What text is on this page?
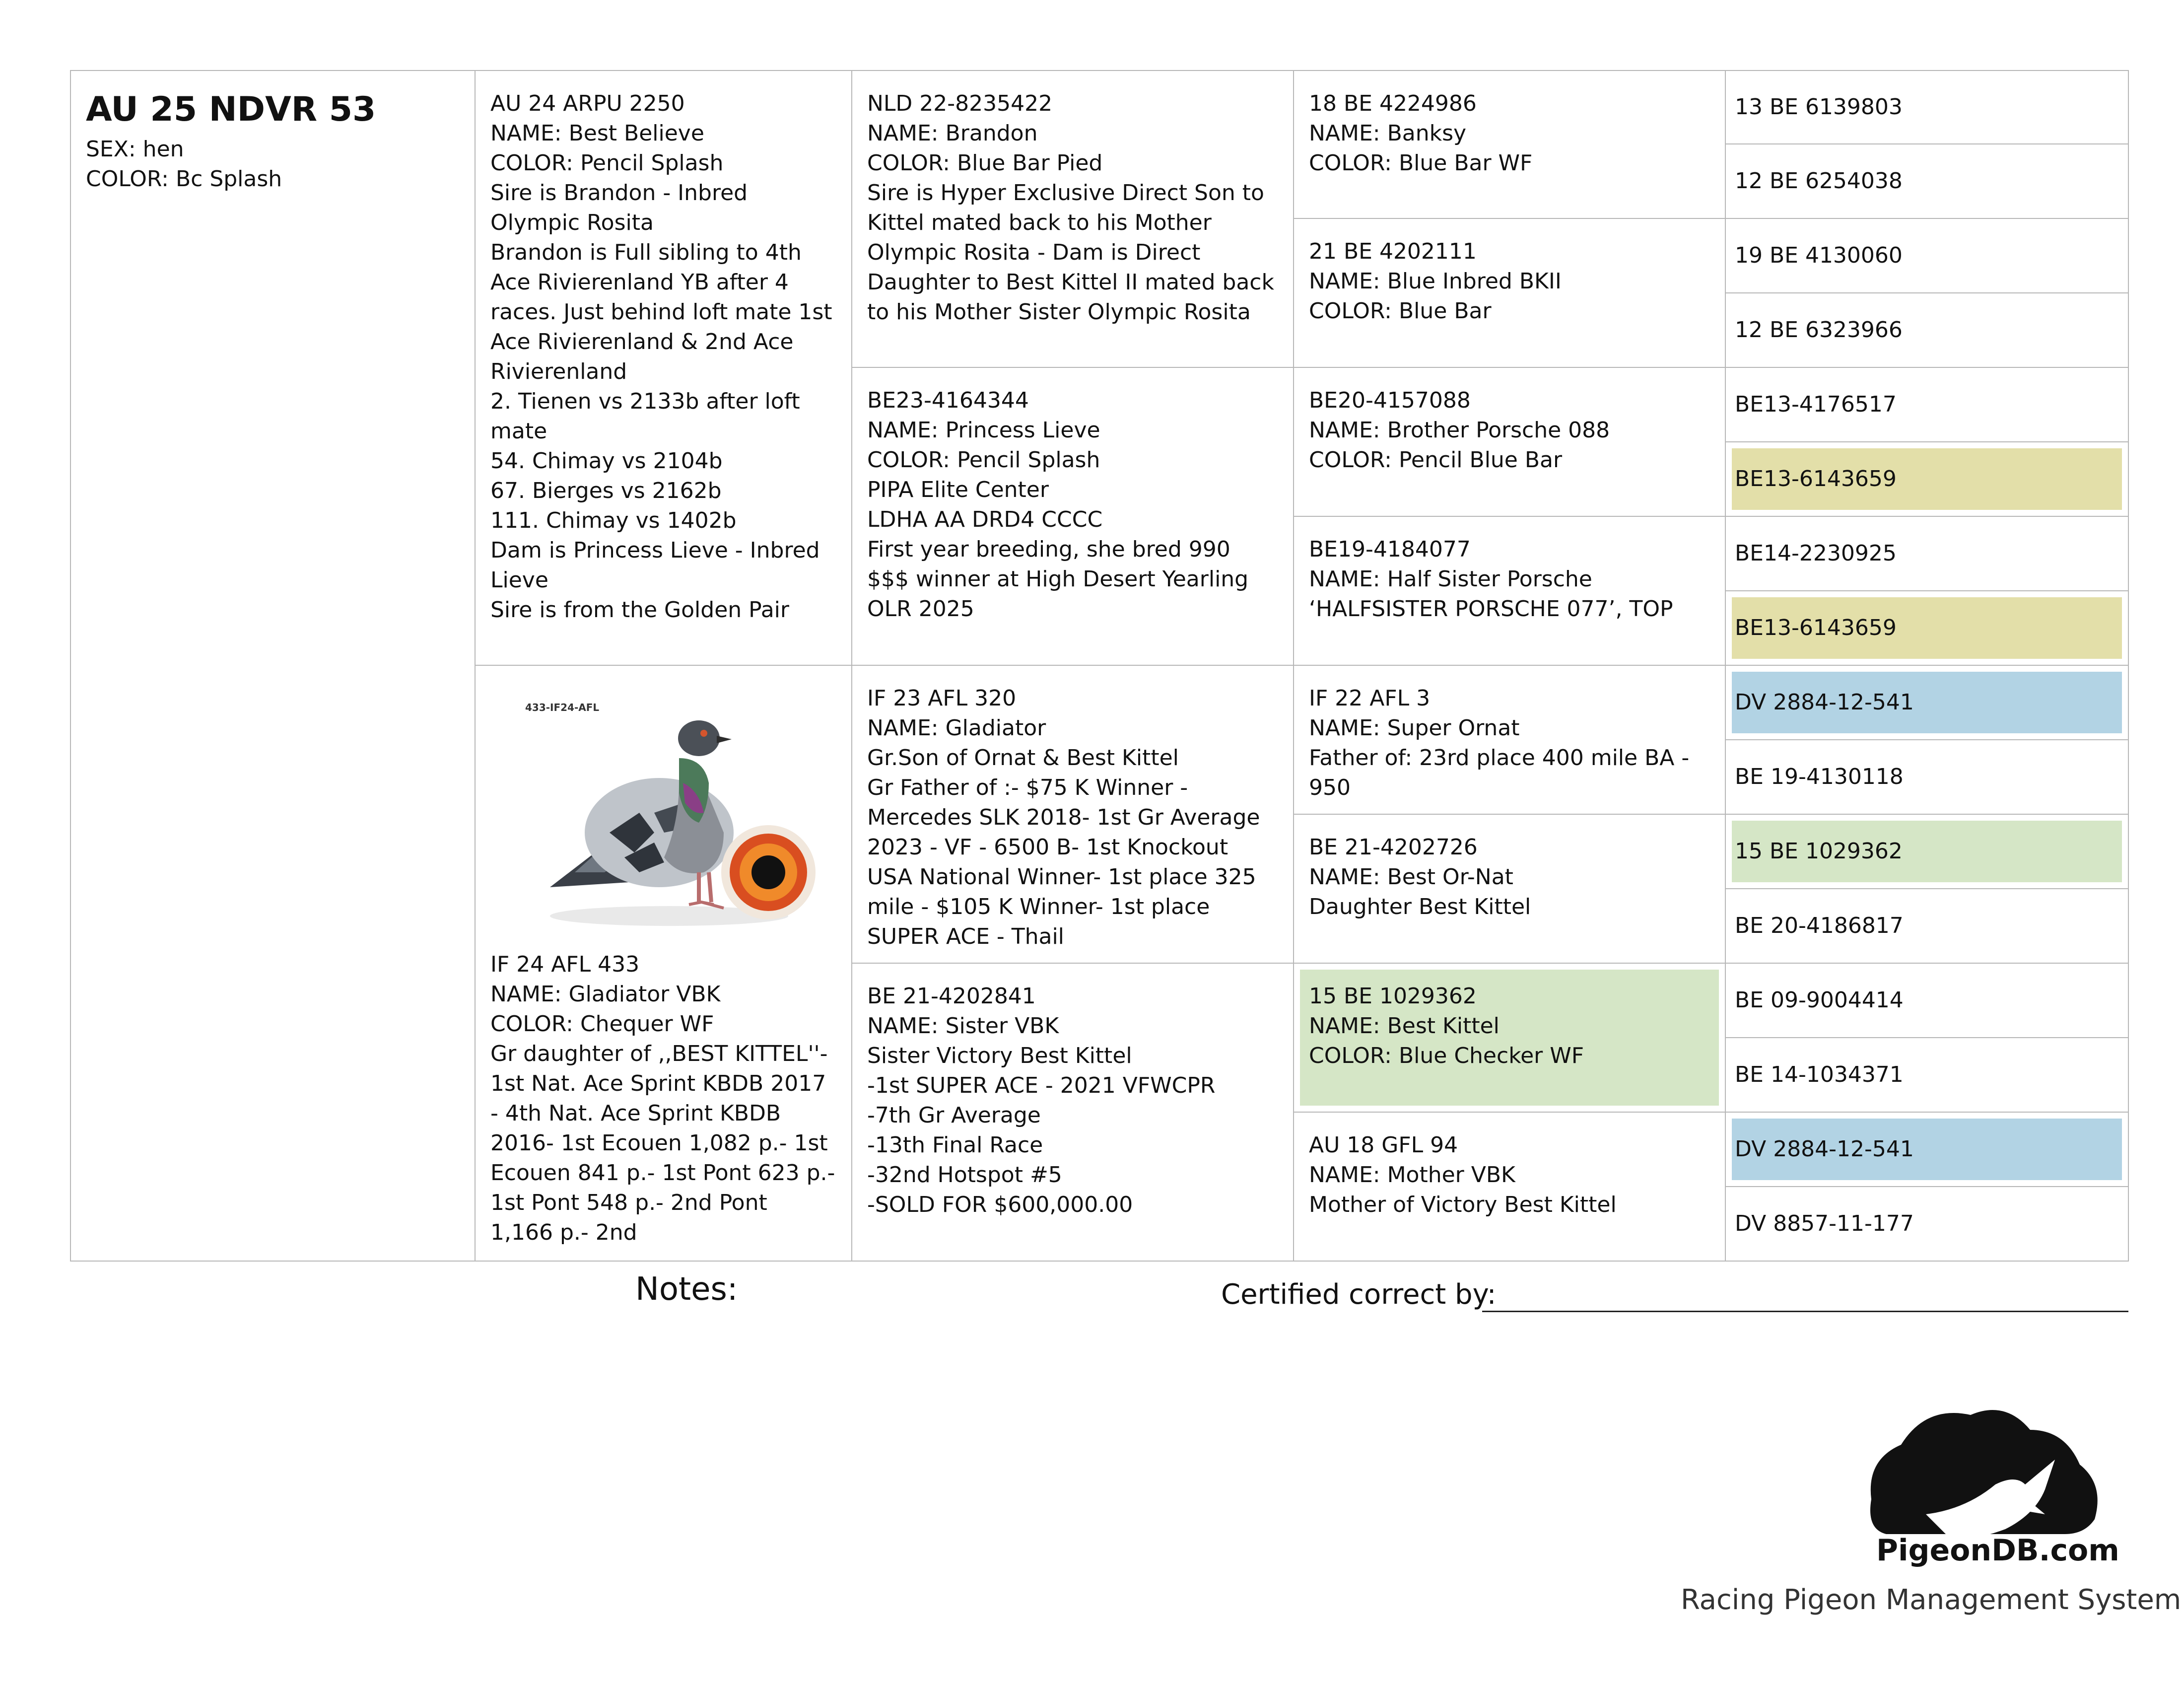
AU 25 NDVR 53
SEX: hen
COLOR: Bc Splash
AU 24 ARPU 2250
NAME: Best Believe
COLOR: Pencil Splash
Sire is Brandon - Inbred Olympic Rosita
Brandon is Full sibling to 4th Ace Rivierenland YB after 4 races. Just behind loft mate 1st Ace Rivierenland & 2nd Ace Rivierenland
2. Tienen vs 2133b after loft mate
54. Chimay vs 2104b
67. Bierges vs 2162b
111. Chimay vs 1402b
Dam is Princess Lieve - Inbred Lieve
Sire is from the Golden Pair
433-IF24-AFL
IF 24 AFL 433
NAME: Gladiator VBK
COLOR: Chequer WF
Gr daughter of ,,BEST KITTEL''- 1st Nat. Ace Sprint KBDB 2017 - 4th Nat. Ace Sprint KBDB 2016- 1st Ecouen 1,082 p.- 1st Ecouen 841 p.- 1st Pont 623 p.- 1st Pont 548 p.- 2nd Pont 1,166 p.- 2nd
NLD 22-8235422
NAME: Brandon
COLOR: Blue Bar Pied
Sire is Hyper Exclusive Direct Son to Kittel mated back to his Mother Olympic Rosita - Dam is Direct Daughter to Best Kittel II mated back to his Mother Sister Olympic Rosita
BE23-4164344
NAME: Princess Lieve
COLOR: Pencil Splash
PIPA Elite Center
LDHA AA DRD4 CCCC
First year breeding, she bred 990 $$$ winner at High Desert Yearling OLR 2025
IF 23 AFL 320
NAME: Gladiator
Gr.Son of Ornat & Best Kittel
Gr Father of :- $75 K Winner - Mercedes SLK 2018- 1st Gr Average 2023 - VF - 6500 B- 1st Knockout USA National Winner- 1st place 325 mile - $105 K Winner- 1st place SUPER ACE - Thail
BE 21-4202841
NAME: Sister VBK
Sister Victory Best Kittel
-1st SUPER ACE - 2021 VFWCPR
-7th Gr Average
-13th Final Race
-32nd Hotspot #5
-SOLD FOR $600,000.00
18 BE 4224986
NAME: Banksy
COLOR: Blue Bar WF
21 BE 4202111
NAME: Blue Inbred BKII
COLOR: Blue Bar
BE20-4157088
NAME: Brother Porsche 088
COLOR: Pencil Blue Bar
BE19-4184077
NAME: Half Sister Porsche
‘HALFSISTER PORSCHE 077’, TOP
IF 22 AFL 3
NAME: Super Ornat
Father of: 23rd place 400 mile BA - 950
BE 21-4202726
NAME: Best Or-Nat
Daughter Best Kittel
15 BE 1029362
NAME: Best Kittel
COLOR: Blue Checker WF
AU 18 GFL 94
NAME: Mother VBK
Mother of Victory Best Kittel
13 BE 6139803
12 BE 6254038
19 BE 4130060
12 BE 6323966
BE13-4176517
BE13-6143659
BE14-2230925
BE13-6143659
DV 2884-12-541
BE 19-4130118
15 BE 1029362
BE 20-4186817
BE 09-9004414
BE 14-1034371
DV 2884-12-541
DV 8857-11-177
Notes:	Certified correct by:
PigeonDB.com
Racing Pigeon Management System
